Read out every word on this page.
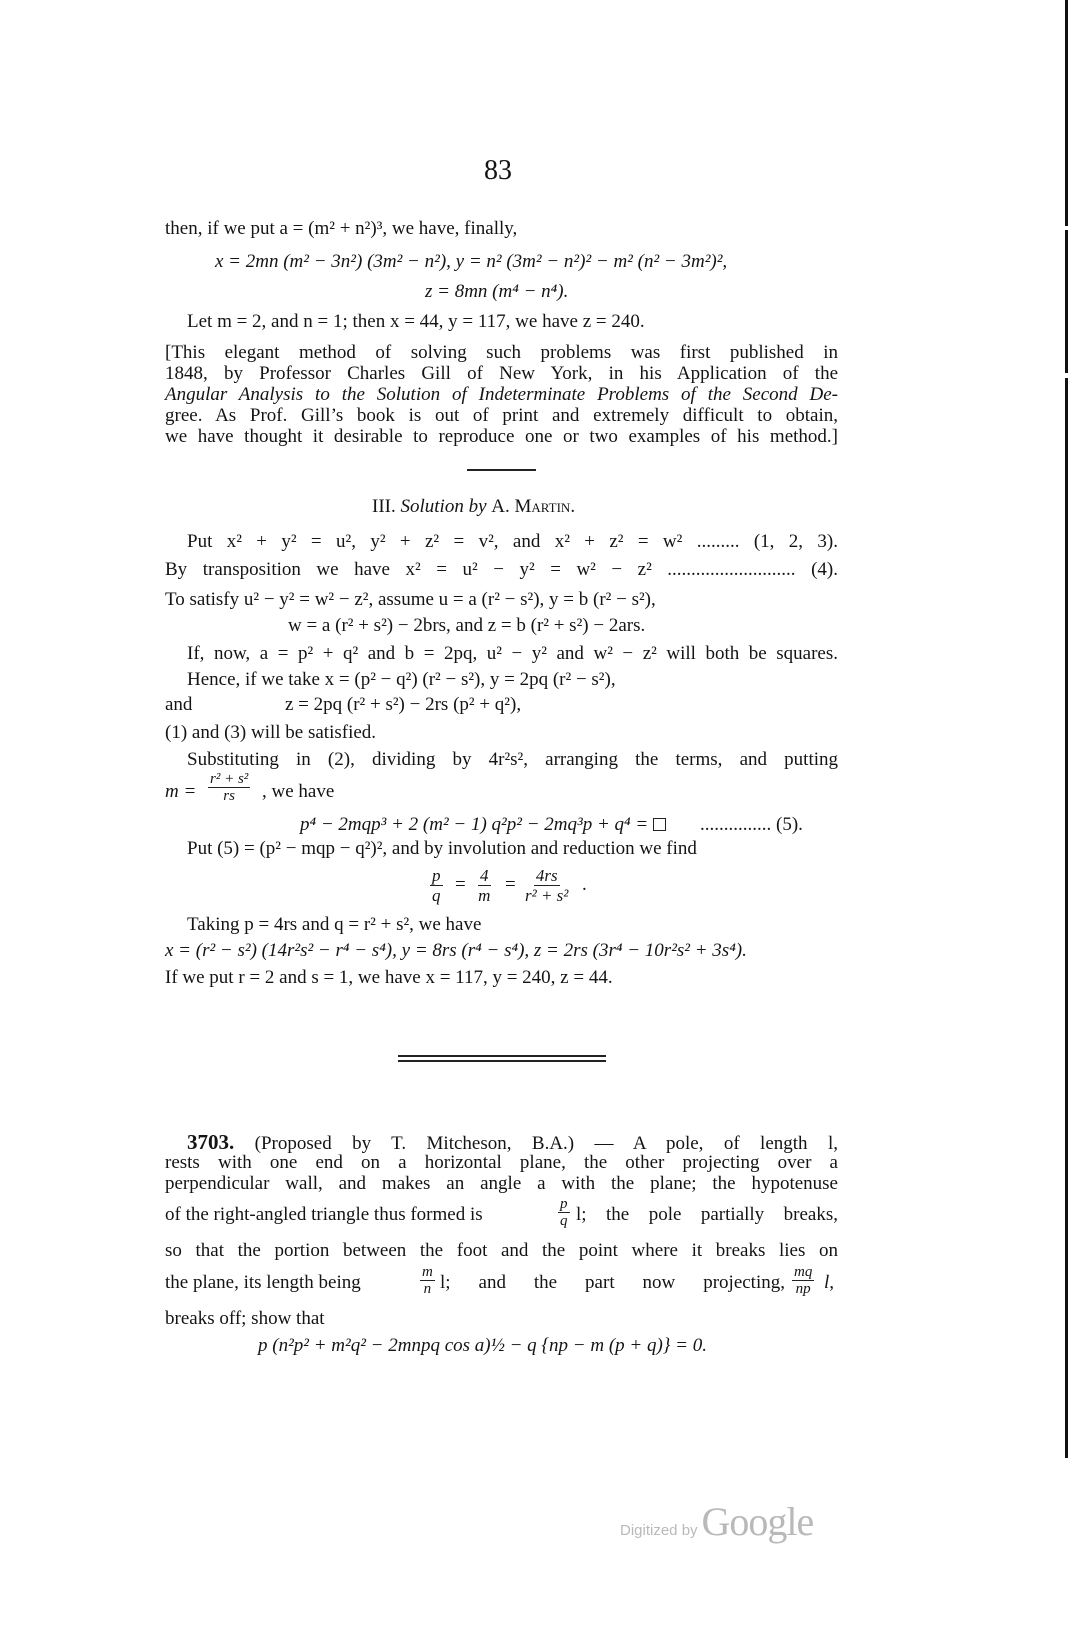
83
then, if we put a = (m² + n²)³, we have, finally,
x = 2mn (m² − 3n²) (3m² − n²), y = n² (3m² − n²)² − m² (n² − 3m²)²,
z = 8mn (m⁴ − n⁴).
Let m = 2, and n = 1; then x = 44, y = 117, we have z = 240.
[This elegant method of solving such problems was first published in
1848, by Professor Charles Gill of New York, in his Application of the
Angular Analysis to the Solution of Indeterminate Problems of the Second De-
gree. As Prof. Gill’s book is out of print and extremely difficult to obtain,
we have thought it desirable to reproduce one or two examples of his method.]
III. Solution by A. Martin.
Put x² + y² = u², y² + z² = v², and x² + z² = w² ......... (1, 2, 3).
By transposition we have x² = u² − y² = w² − z² ........................... (4).
To satisfy u² − y² = w² − z², assume u = a (r² − s²), y = b (r² − s²),
w = a (r² + s²) − 2brs, and z = b (r² + s²) − 2ars.
If, now, a = p² + q² and b = 2pq, u² − y² and w² − z² will both be squares.
Hence, if we take x = (p² − q²) (r² − s²), y = 2pq (r² − s²),
and	z = 2pq (r² + s²) − 2rs (p² + q²),
(1) and (3) will be satisfied.
Substituting in (2), dividing by 4r²s², arranging the terms, and putting
$m = \frac{\text{r² + s²}}{rs}$ , we have
p⁴ − 2mqp³ + 2 (m² − 1) q²p² − 2mq³p + q⁴ =	............... (5).
Put (5) = (p² − mqp − q²)², and by involution and reduction we find
$\frac{p}{q} = \frac{4}{m} = \frac{4rs}{\text{r² + s²}}$ .
Taking p = 4rs and q = r² + s², we have
x = (r² − s²) (14r²s² − r⁴ − s⁴), y = 8rs (r⁴ − s⁴), z = 2rs (3r⁴ − 10r²s² + 3s⁴).
If we put r = 2 and s = 1, we have x = 117, y = 240, z = 44.
3703. (Proposed by T. Mitcheson, B.A.) — A pole, of length l,
rests with one end on a horizontal plane, the other projecting over a
perpendicular wall, and makes an angle a with the plane; the hypotenuse
of the right-angled triangle thus formed is	$\frac{p}{q} l$; the pole partially breaks,
so that the portion between the foot and the point where it breaks lies on
the plane, its length being	$\frac{m}{n} l$; and the part now projecting, $\frac{mq}{np} l$,
breaks off; show that
p (n²p² + m²q² − 2mnpq cos a)½ − q {np − m (p + q)} = 0.
Digitized by Google
